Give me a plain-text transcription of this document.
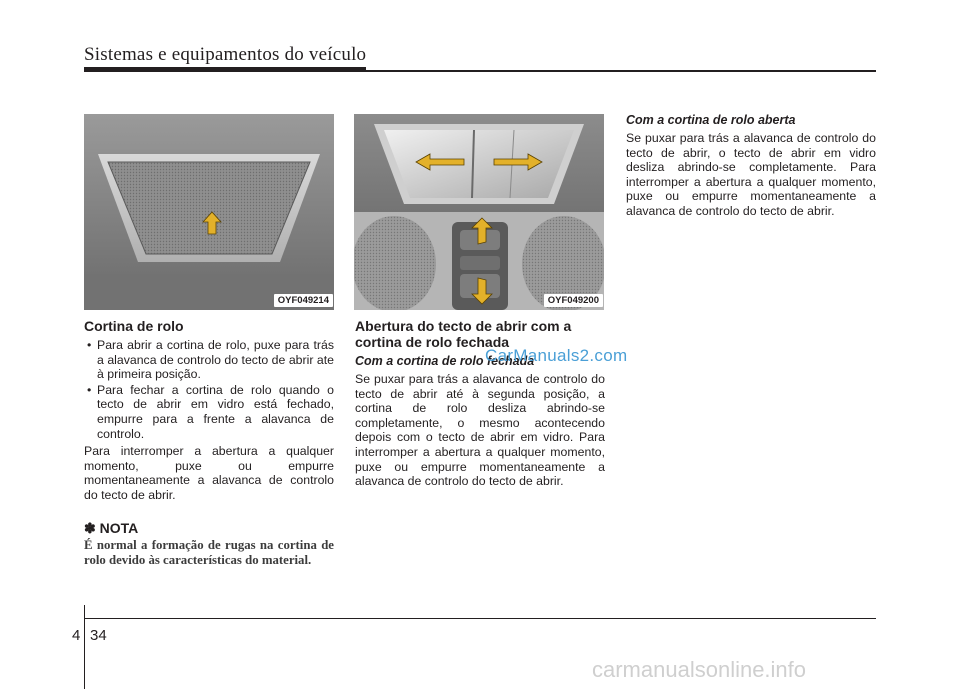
Sistemas e equipamentos do veículo
OYF049214	OYF049200
Cortina de rolo
• Para abrir a cortina de rolo, puxe para trás a alavanca de controlo do tecto de abrir ate à primeira posição.
• Para fechar a cortina de rolo quando o tecto de abrir em vidro está fechado, empurre para a frente a alavanca de controlo.

Para interromper a abertura a qualquer momento, puxe ou empurre momentaneamente a alavanca de controlo do tecto de abrir.

✽ NOTA
É normal a formação de rugas na cortina de rolo devido às características do material.
Abertura do tecto de abrir com a cortina de rolo fechada
Com a cortina de rolo fechada

Se puxar para trás a alavanca de controlo do tecto de abrir até à segunda posição, a cortina de rolo desliza abrindo-se completamente, o mesmo acontecendo depois com o tecto de abrir em vidro. Para interromper a abertura a qualquer momento, puxe ou empurre momentaneamente a alavanca de controlo do tecto de abrir.

Com a cortina de rolo aberta

Se puxar para trás a alavanca de controlo do tecto de abrir, o tecto de abrir em vidro desliza abrindo-se completamente. Para interromper a abertura a qualquer momento, puxe ou empurre momentaneamente a alavanca de controlo do tecto de abrir.

CarManuals2.com
4 34
carmanualsonline.info
